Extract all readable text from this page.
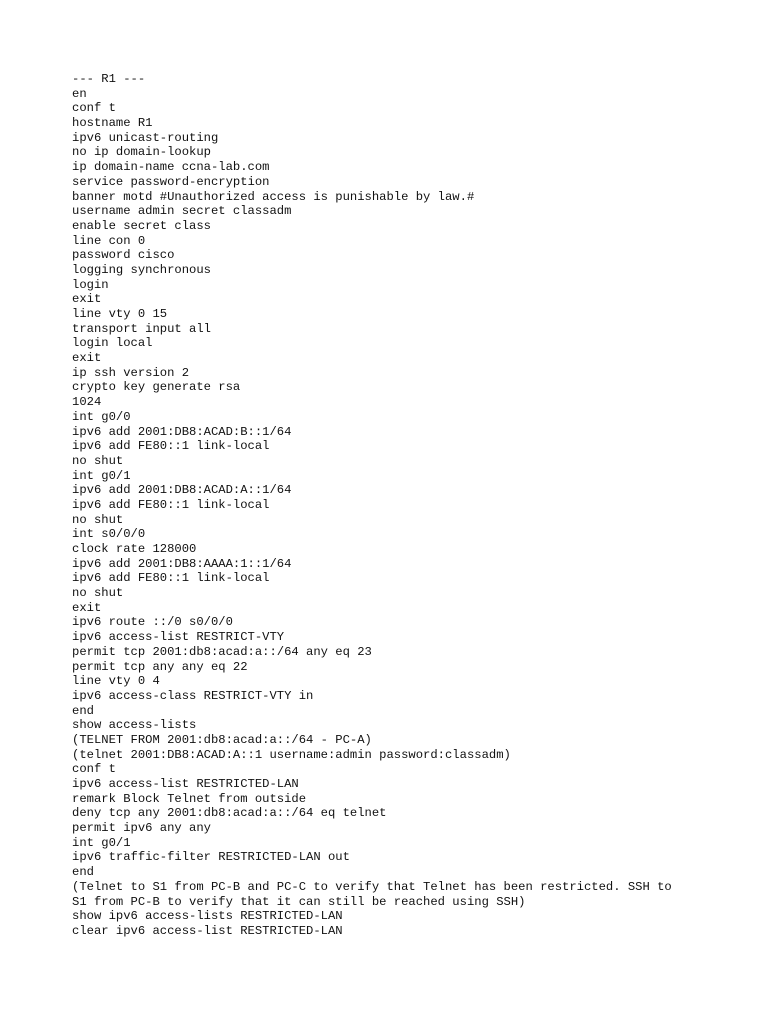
--- R1 ---
en
conf t
hostname R1
ipv6 unicast-routing
no ip domain-lookup
ip domain-name ccna-lab.com
service password-encryption
banner motd #Unauthorized access is punishable by law.#
username admin secret classadm
enable secret class
line con 0
password cisco
logging synchronous
login
exit
line vty 0 15
transport input all
login local
exit
ip ssh version 2
crypto key generate rsa
1024
int g0/0
ipv6 add 2001:DB8:ACAD:B::1/64
ipv6 add FE80::1 link-local
no shut
int g0/1
ipv6 add 2001:DB8:ACAD:A::1/64
ipv6 add FE80::1 link-local
no shut
int s0/0/0
clock rate 128000
ipv6 add 2001:DB8:AAAA:1::1/64
ipv6 add FE80::1 link-local
no shut
exit
ipv6 route ::/0 s0/0/0
ipv6 access-list RESTRICT-VTY
permit tcp 2001:db8:acad:a::/64 any eq 23
permit tcp any any eq 22
line vty 0 4
ipv6 access-class RESTRICT-VTY in
end
show access-lists
(TELNET FROM 2001:db8:acad:a::/64 - PC-A)
(telnet 2001:DB8:ACAD:A::1 username:admin password:classadm)
conf t
ipv6 access-list RESTRICTED-LAN
remark Block Telnet from outside
deny tcp any 2001:db8:acad:a::/64 eq telnet
permit ipv6 any any
int g0/1
ipv6 traffic-filter RESTRICTED-LAN out
end
(Telnet to S1 from PC-B and PC-C to verify that Telnet has been restricted. SSH to
S1 from PC-B to verify that it can still be reached using SSH)
show ipv6 access-lists RESTRICTED-LAN
clear ipv6 access-list RESTRICTED-LAN
